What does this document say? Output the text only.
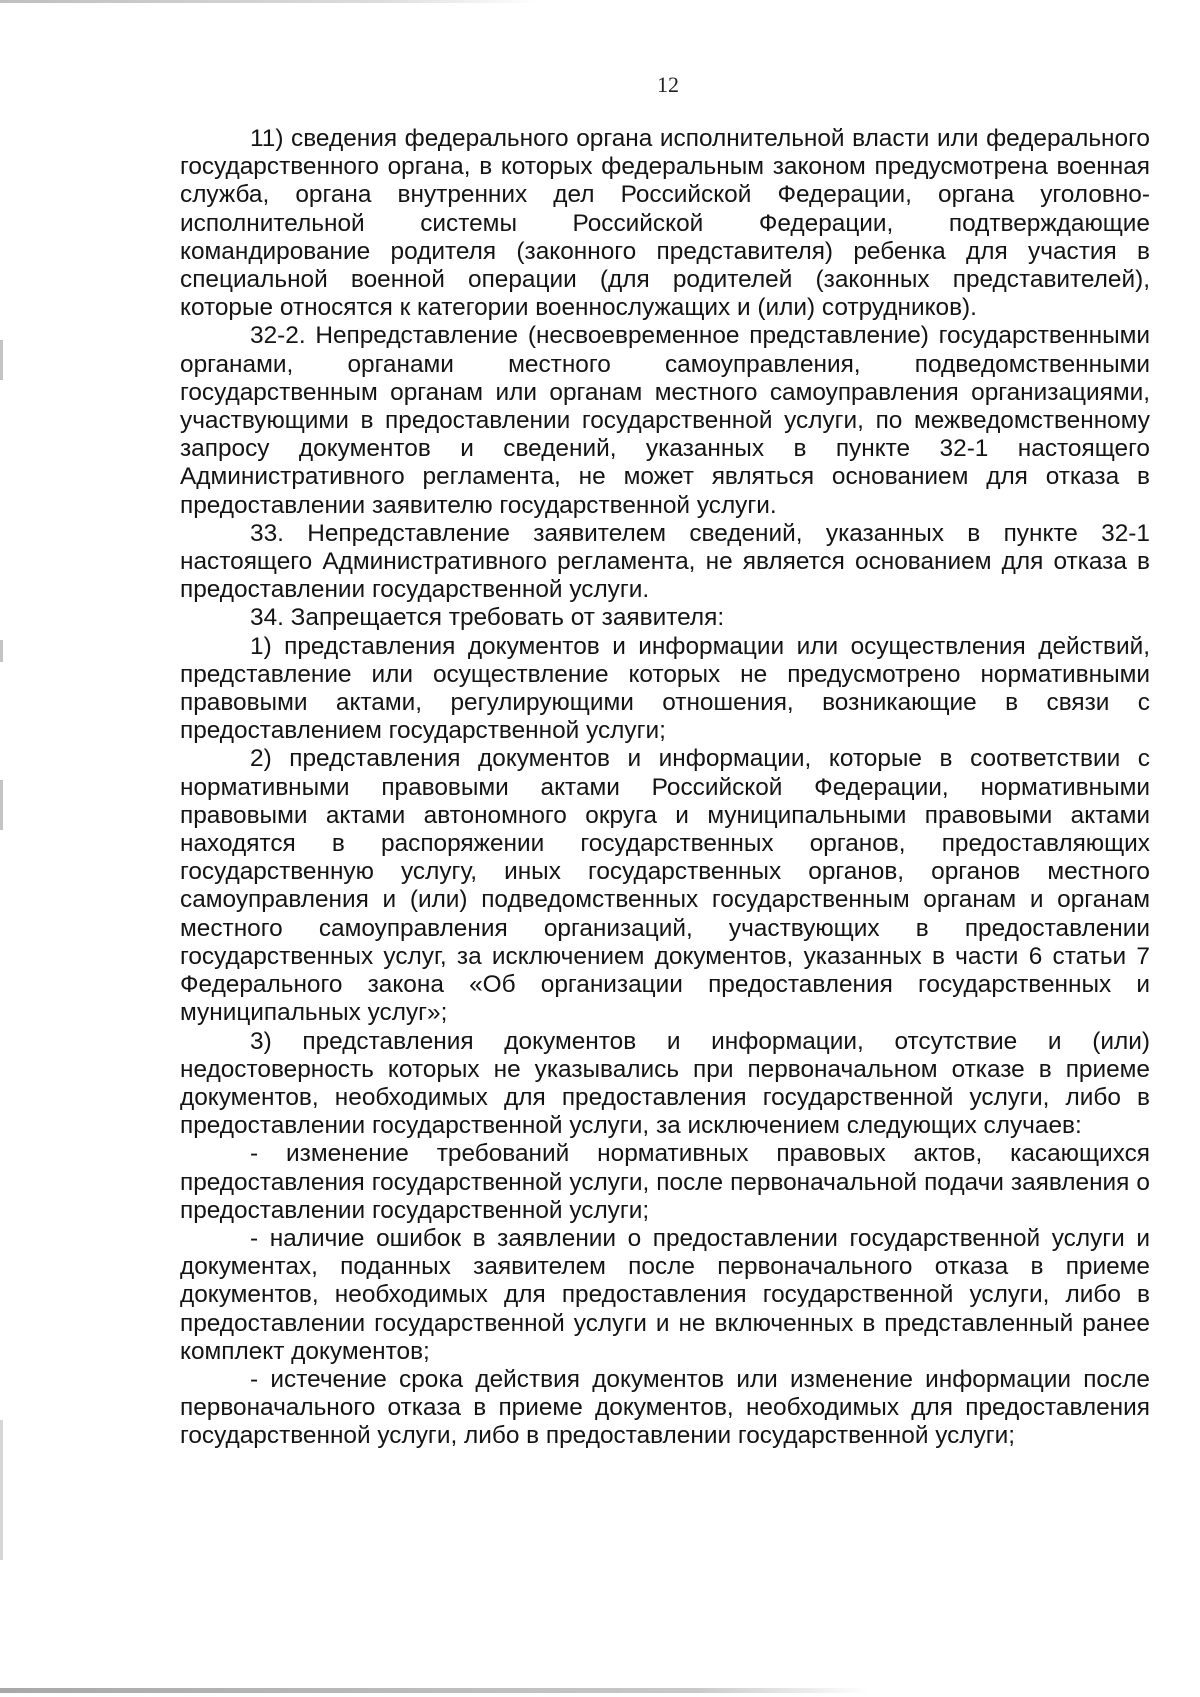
12

11) сведения федерального органа исполнительной власти или федерального государственного органа, в которых федеральным законом предусмотрена военная служба, органа внутренних дел Российской Федерации, органа уголовно-исполнительной системы Российской Федерации, подтверждающие командирование родителя (законного представителя) ребенка для участия в специальной военной операции (для родителей (законных представителей), которые относятся к категории военнослужащих и (или) сотрудников).

32-2. Непредставление (несвоевременное представление) государственными органами, органами местного самоуправления, подведомственными государственным органам или органам местного самоуправления организациями, участвующими в предоставлении государственной услуги, по межведомственному запросу документов и сведений, указанных в пункте 32-1 настоящего Административного регламента, не может являться основанием для отказа в предоставлении заявителю государственной услуги.

33. Непредставление заявителем сведений, указанных в пункте 32-1 настоящего Административного регламента, не является основанием для отказа в предоставлении государственной услуги.

34. Запрещается требовать от заявителя:

1) представления документов и информации или осуществления действий, представление или осуществление которых не предусмотрено нормативными правовыми актами, регулирующими отношения, возникающие в связи с предоставлением государственной услуги;

2) представления документов и информации, которые в соответствии с нормативными правовыми актами Российской Федерации, нормативными правовыми актами автономного округа и муниципальными правовыми актами находятся в распоряжении государственных органов, предоставляющих государственную услугу, иных государственных органов, органов местного самоуправления и (или) подведомственных государственным органам и органам местного самоуправления организаций, участвующих в предоставлении государственных услуг, за исключением документов, указанных в части 6 статьи 7 Федерального закона «Об организации предоставления государственных и муниципальных услуг»;

3) представления документов и информации, отсутствие и (или) недостоверность которых не указывались при первоначальном отказе в приеме документов, необходимых для предоставления государственной услуги, либо в предоставлении государственной услуги, за исключением следующих случаев:

- изменение требований нормативных правовых актов, касающихся предоставления государственной услуги, после первоначальной подачи заявления о предоставлении государственной услуги;

- наличие ошибок в заявлении о предоставлении государственной услуги и документах, поданных заявителем после первоначального отказа в приеме документов, необходимых для предоставления государственной услуги, либо в предоставлении государственной услуги и не включенных в представленный ранее комплект документов;

- истечение срока действия документов или изменение информации после первоначального отказа в приеме документов, необходимых для предоставления государственной услуги, либо в предоставлении государственной услуги;
